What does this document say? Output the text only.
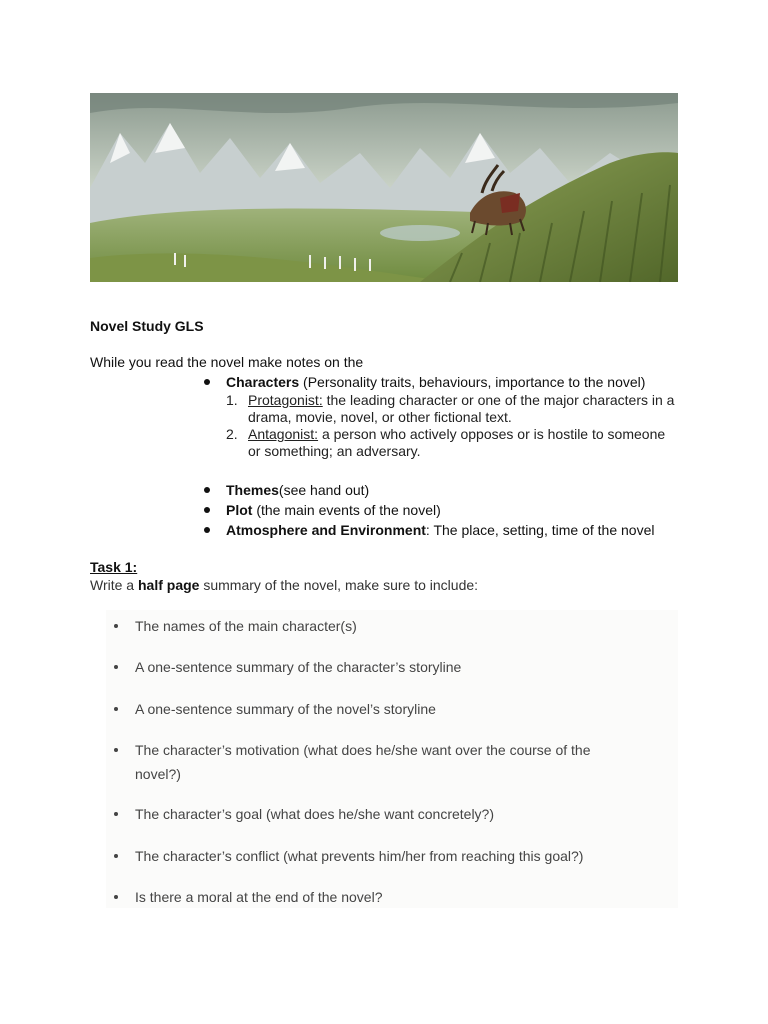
Novel Study GLS
While you read the novel make notes on the
Characters (Personality traits, behaviours, importance to the novel)
1. Protagonist: the leading character or one of the major characters in a drama, movie, novel, or other fictional text.
2. Antagonist: a person who actively opposes or is hostile to someone or something; an adversary.
Themes(see hand out)
Plot (the main events of the novel)
Atmosphere and Environment: The place, setting, time of the novel
Task 1:
Write a half page summary of the novel, make sure to include:
The names of the main character(s)
A one-sentence summary of the character’s storyline
A one-sentence summary of the novel’s storyline
The character’s motivation (what does he/she want over the course of the novel?)
The character’s goal (what does he/she want concretely?)
The character’s conflict (what prevents him/her from reaching this goal?)
Is there a moral at the end of the novel?
